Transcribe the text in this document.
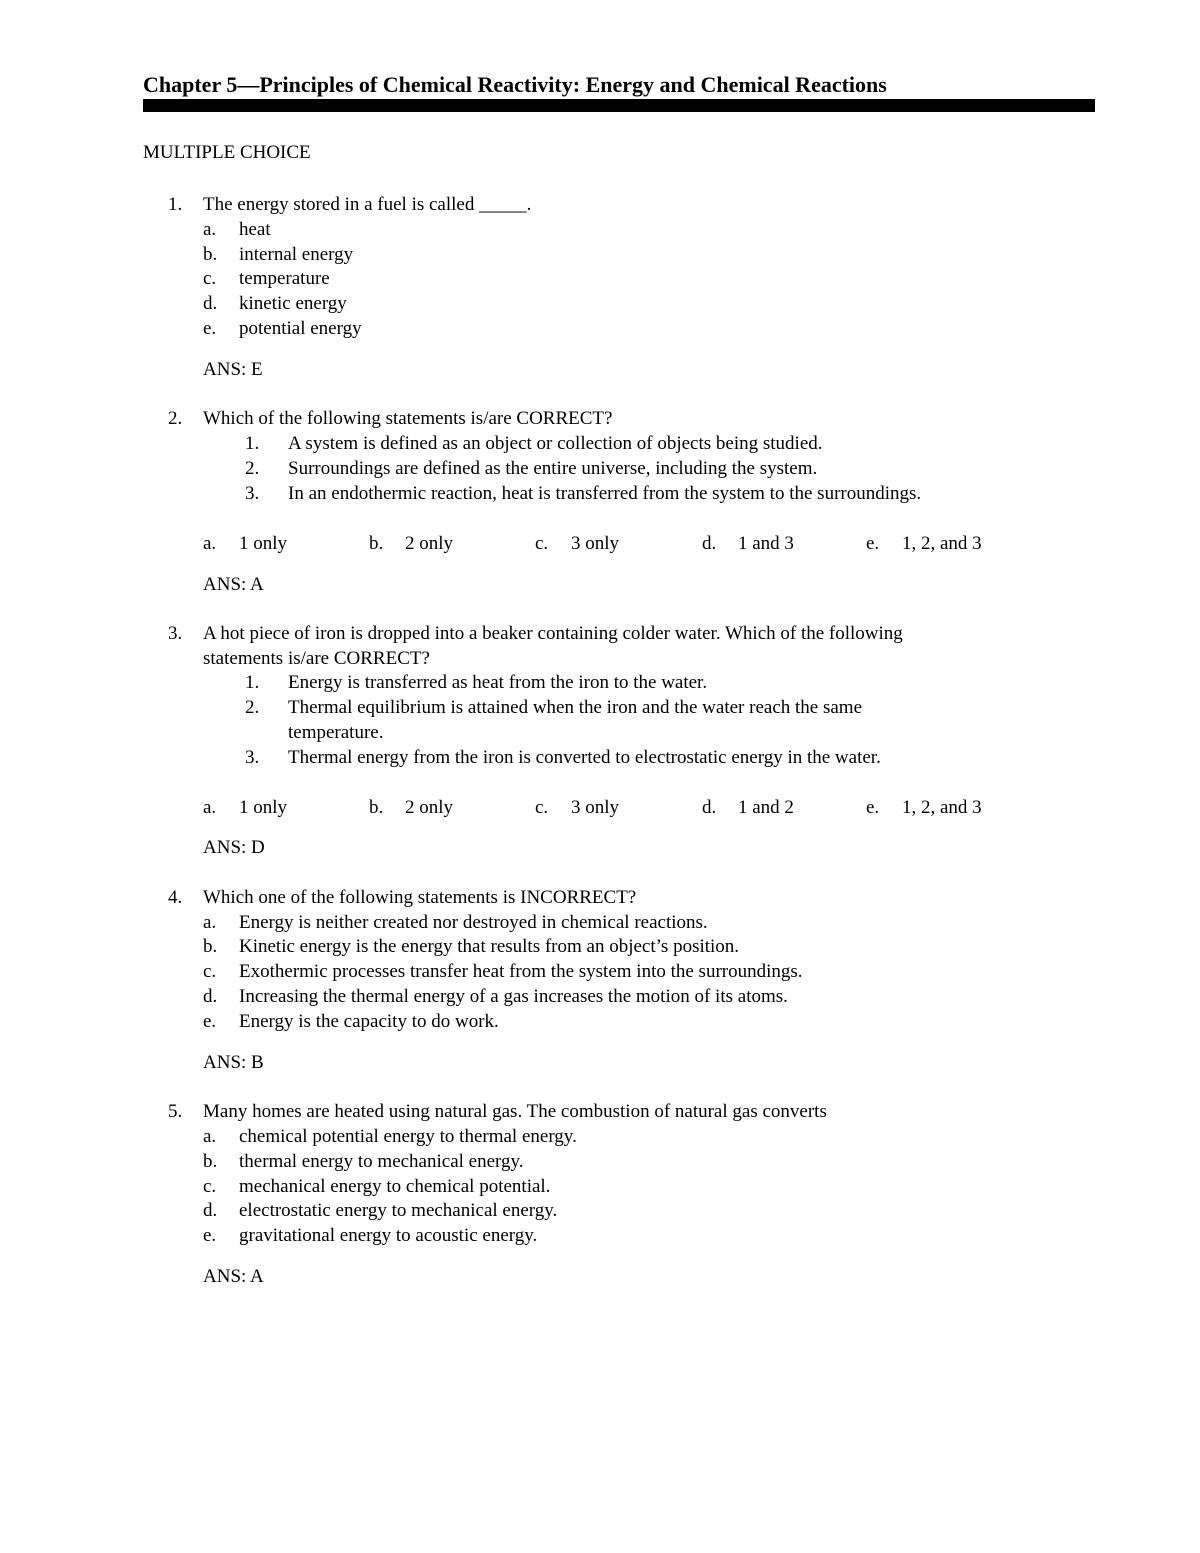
Chapter 5—Principles of Chemical Reactivity: Energy and Chemical Reactions
MULTIPLE CHOICE
1. The energy stored in a fuel is called _____.
a. heat
b. internal energy
c. temperature
d. kinetic energy
e. potential energy
ANS: E
2. Which of the following statements is/are CORRECT?
1. A system is defined as an object or collection of objects being studied.
2. Surroundings are defined as the entire universe, including the system.
3. In an endothermic reaction, heat is transferred from the system to the surroundings.
a. 1 only	b. 2 only	c. 3 only	d. 1 and 3	e. 1, 2, and 3
ANS: A
3. A hot piece of iron is dropped into a beaker containing colder water. Which of the following
statements is/are CORRECT?
1. Energy is transferred as heat from the iron to the water.
2. Thermal equilibrium is attained when the iron and the water reach the same
temperature.
3. Thermal energy from the iron is converted to electrostatic energy in the water.
a. 1 only	b. 2 only	c. 3 only	d. 1 and 2	e. 1, 2, and 3
ANS: D
4. Which one of the following statements is INCORRECT?
a. Energy is neither created nor destroyed in chemical reactions.
b. Kinetic energy is the energy that results from an object’s position.
c. Exothermic processes transfer heat from the system into the surroundings.
d. Increasing the thermal energy of a gas increases the motion of its atoms.
e. Energy is the capacity to do work.
ANS: B
5. Many homes are heated using natural gas. The combustion of natural gas converts
a. chemical potential energy to thermal energy.
b. thermal energy to mechanical energy.
c. mechanical energy to chemical potential.
d. electrostatic energy to mechanical energy.
e. gravitational energy to acoustic energy.
ANS: A
